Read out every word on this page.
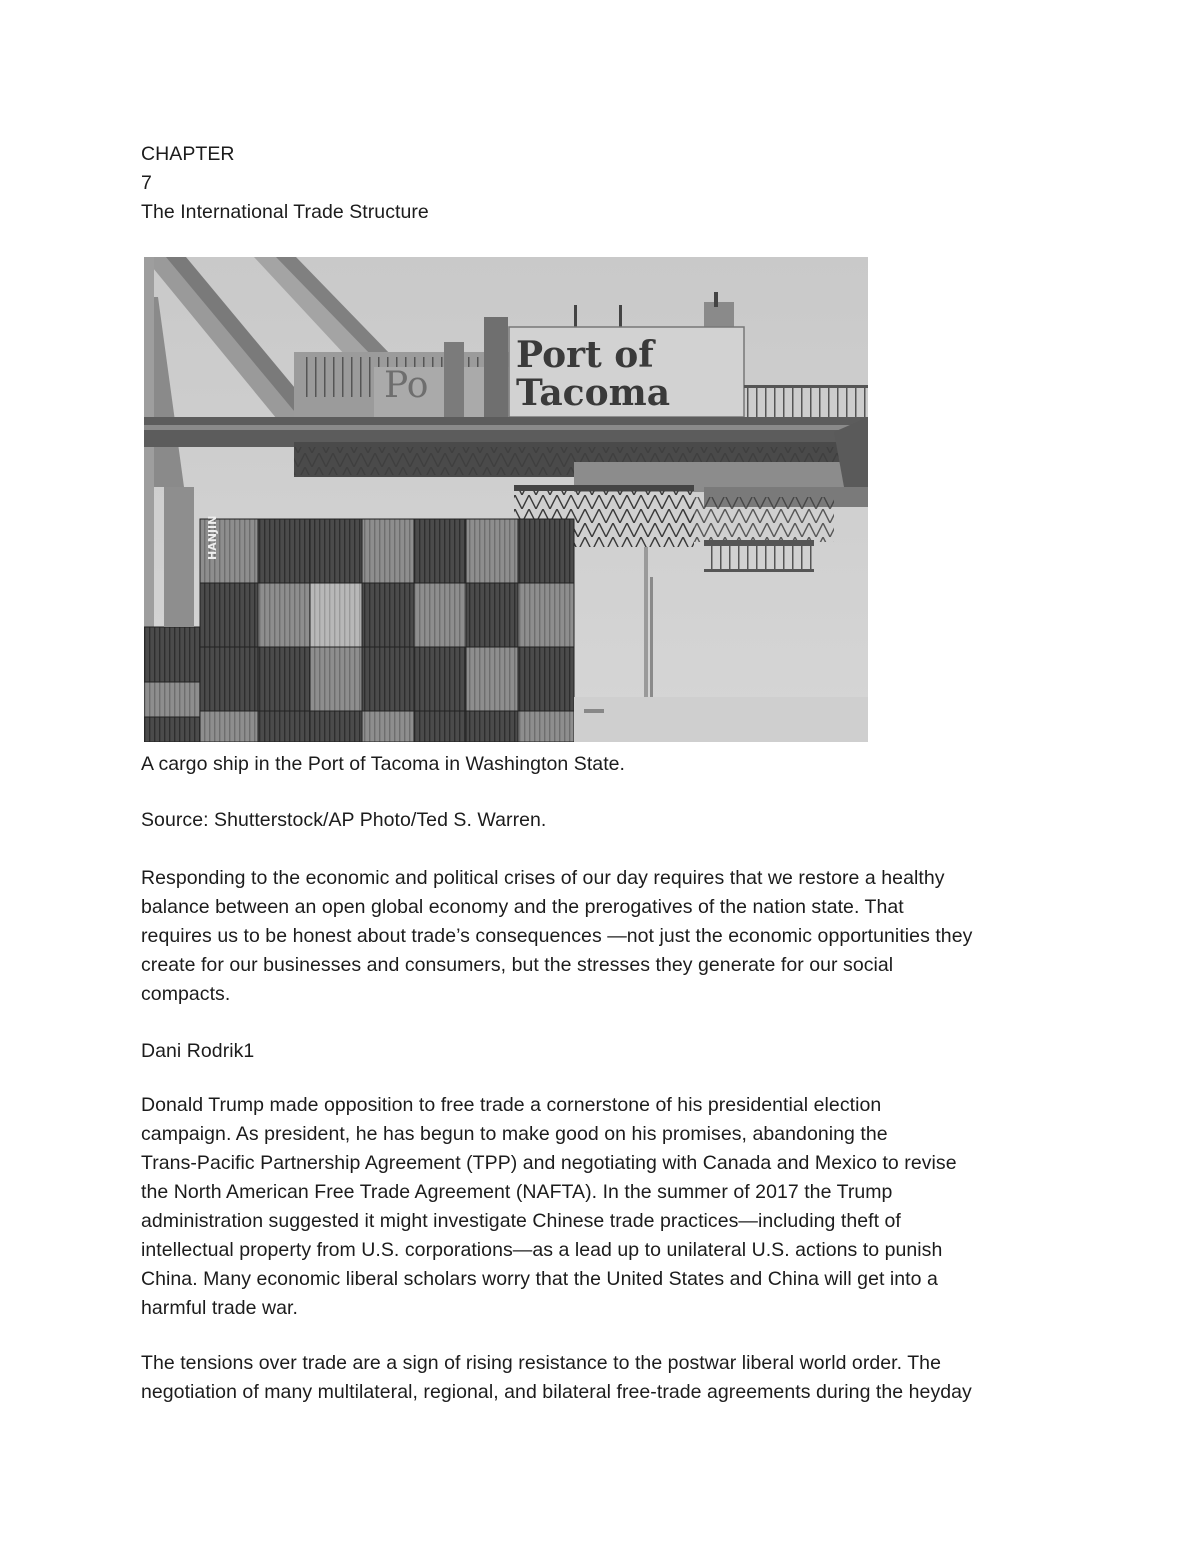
CHAPTER
7
The International Trade Structure
Po
Port of
Tacoma
HANJIN
A cargo ship in the Port of Tacoma in Washington State.
Source: Shutterstock/AP Photo/Ted S. Warren.
Responding to the economic and political crises of our day requires that we restore a healthy
balance between an open global economy and the prerogatives of the nation state. That
requires us to be honest about trade’s consequences —not just the economic opportunities they
create for our businesses and consumers, but the stresses they generate for our social
compacts.
Dani Rodrik1
Donald Trump made opposition to free trade a cornerstone of his presidential election
campaign. As president, he has begun to make good on his promises, abandoning the
Trans-Pacific Partnership Agreement (TPP) and negotiating with Canada and Mexico to revise
the North American Free Trade Agreement (NAFTA). In the summer of 2017 the Trump
administration suggested it might investigate Chinese trade practices—including theft of
intellectual property from U.S. corporations—as a lead up to unilateral U.S. actions to punish
China. Many economic liberal scholars worry that the United States and China will get into a
harmful trade war.
The tensions over trade are a sign of rising resistance to the postwar liberal world order. The
negotiation of many multilateral, regional, and bilateral free-trade agreements during the heyday
